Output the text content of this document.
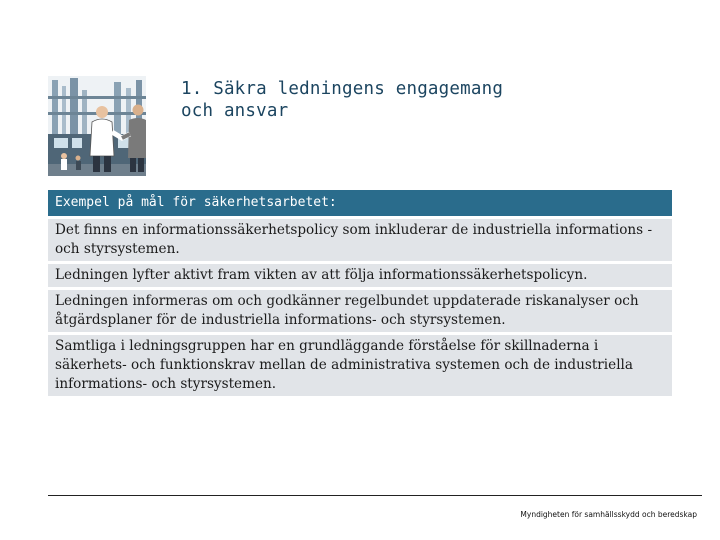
1. Säkra ledningens engagemang
och ansvar
Exempel på mål för säkerhetsarbetet:
Det finns en informationssäkerhetspolicy som inkluderar de industriella informations -och styrsystemen.
Ledningen lyfter aktivt fram vikten av att följa informationssäkerhetspolicyn.
Ledningen informeras om och godkänner regelbundet uppdaterade riskanalyser och åtgärdsplaner för de industriella informations- och styrsystemen.
Samtliga i ledningsgruppen har en grundläggande förståelse för skillnaderna i säkerhets- och funktionskrav mellan de administrativa systemen och de industriella informations- och styrsystemen.
Myndigheten för samhällsskydd och beredskap
